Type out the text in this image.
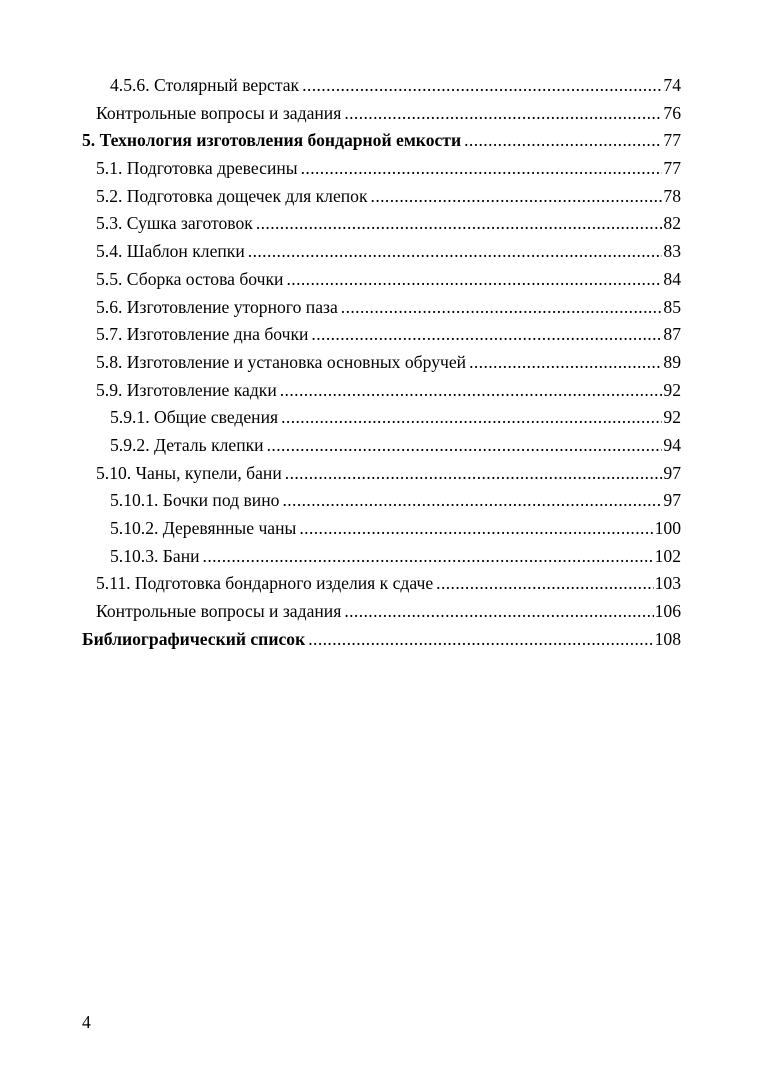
4.5.6. Столярный верстак .....	74
Контрольные вопросы и задания .....	76
5. Технология изготовления бондарной емкости .....	77
5.1. Подготовка древесины .....	77
5.2. Подготовка дощечек для клепок .....	78
5.3. Сушка заготовок .....	82
5.4. Шаблон клепки .....	83
5.5. Сборка остова бочки .....	84
5.6. Изготовление уторного паза .....	85
5.7. Изготовление дна бочки .....	87
5.8. Изготовление и установка основных обручей .....	89
5.9. Изготовление кадки .....	92
5.9.1. Общие сведения .....	92
5.9.2. Деталь клепки .....	94
5.10. Чаны, купели, бани .....	97
5.10.1. Бочки под вино .....	97
5.10.2. Деревянные чаны .....	100
5.10.3. Бани .....	102
5.11. Подготовка бондарного изделия к сдаче .....	103
Контрольные вопросы и задания .....	106
Библиографический список .....	108
4
